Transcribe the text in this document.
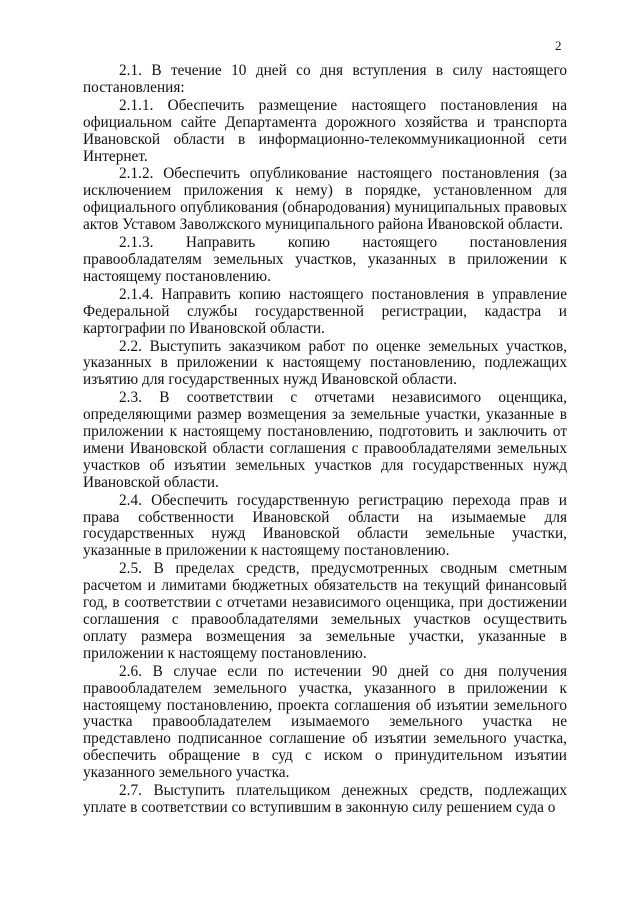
2

2.1. В течение 10 дней со дня вступления в силу настоящего постановления:

2.1.1. Обеспечить размещение настоящего постановления на официальном сайте Департамента дорожного хозяйства и транспорта Ивановской области в информационно-телекоммуникационной сети Интернет.

2.1.2. Обеспечить опубликование настоящего постановления (за исключением приложения к нему) в порядке, установленном для официального опубликования (обнародования) муниципальных правовых актов Уставом Заволжского муниципального района Ивановской области.

2.1.3. Направить копию настоящего постановления правообладателям земельных участков, указанных в приложении к настоящему постановлению.

2.1.4. Направить копию настоящего постановления в управление Федеральной службы государственной регистрации, кадастра и картографии по Ивановской области.

2.2. Выступить заказчиком работ по оценке земельных участков, указанных в приложении к настоящему постановлению, подлежащих изъятию для государственных нужд Ивановской области.

2.3. В соответствии с отчетами независимого оценщика, определяющими размер возмещения за земельные участки, указанные в приложении к настоящему постановлению, подготовить и заключить от имени Ивановской области соглашения с правообладателями земельных участков об изъятии земельных участков для государственных нужд Ивановской области.

2.4. Обеспечить государственную регистрацию перехода прав и права собственности Ивановской области на изымаемые для государственных нужд Ивановской области земельные участки, указанные в приложении к настоящему постановлению.

2.5. В пределах средств, предусмотренных сводным сметным расчетом и лимитами бюджетных обязательств на текущий финансовый год, в соответствии с отчетами независимого оценщика, при достижении соглашения с правообладателями земельных участков осуществить оплату размера возмещения за земельные участки, указанные в приложении к настоящему постановлению.

2.6. В случае если по истечении 90 дней со дня получения правообладателем земельного участка, указанного в приложении к настоящему постановлению, проекта соглашения об изъятии земельного участка правообладателем изымаемого земельного участка не представлено подписанное соглашение об изъятии земельного участка, обеспечить обращение в суд с иском о принудительном изъятии указанного земельного участка.

2.7. Выступить плательщиком денежных средств, подлежащих уплате в соответствии со вступившим в законную силу решением суда о
